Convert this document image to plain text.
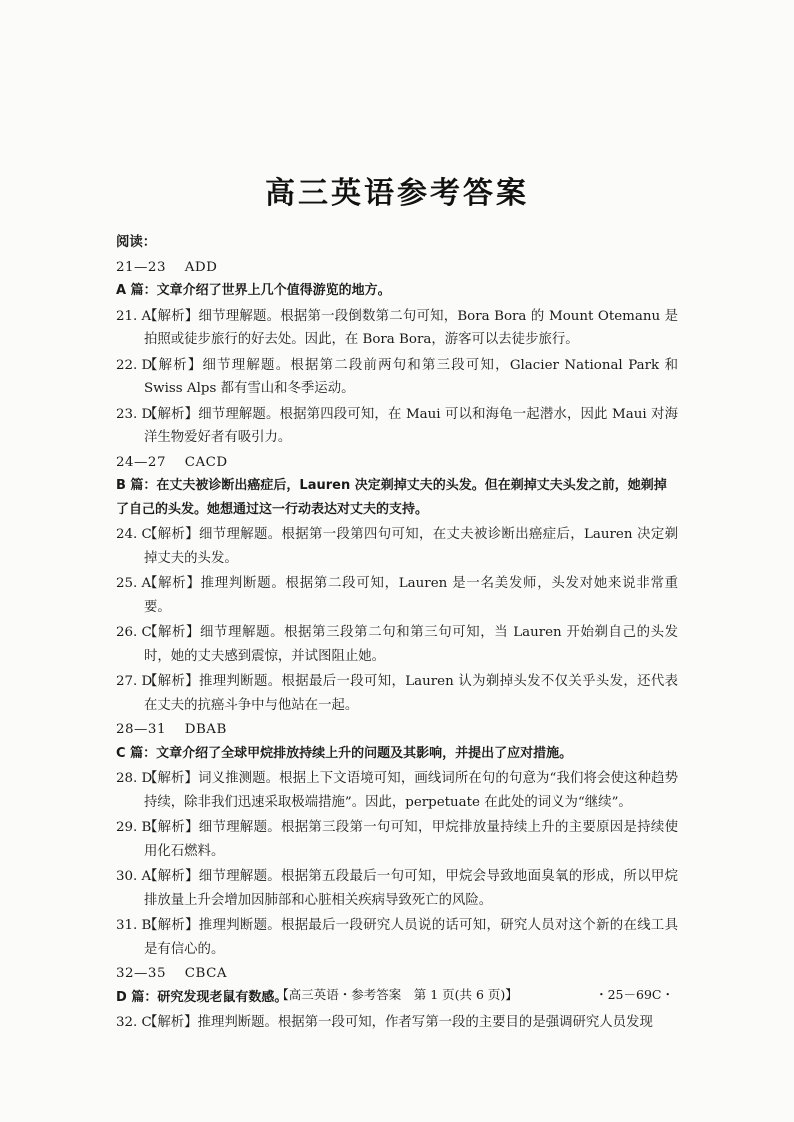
高三英语参考答案
阅读：
21—23 ADD
A 篇：文章介绍了世界上几个值得游览的地方。
21. A
【解析】细节理解题。根据第一段倒数第二句可知，Bora Bora 的 Mount Otemanu 是拍照或徒步旅行的好去处。因此，在 Bora Bora，游客可以去徒步旅行。
22. D
【解析】细节理解题。根据第二段前两句和第三段可知，Glacier National Park 和 Swiss Alps 都有雪山和冬季运动。
23. D
【解析】细节理解题。根据第四段可知，在 Maui 可以和海龟一起潜水，因此 Maui 对海洋生物爱好者有吸引力。
24—27 CACD
B 篇：在丈夫被诊断出癌症后，Lauren 决定剃掉丈夫的头发。但在剃掉丈夫头发之前，她剃掉了自己的头发。她想通过这一行动表达对丈夫的支持。
24. C
【解析】细节理解题。根据第一段第四句可知，在丈夫被诊断出癌症后，Lauren 决定剃掉丈夫的头发。
25. A
【解析】推理判断题。根据第二段可知，Lauren 是一名美发师，头发对她来说非常重要。
26. C
【解析】细节理解题。根据第三段第二句和第三句可知，当 Lauren 开始剃自己的头发时，她的丈夫感到震惊，并试图阻止她。
27. D
【解析】推理判断题。根据最后一段可知，Lauren 认为剃掉头发不仅关乎头发，还代表在丈夫的抗癌斗争中与他站在一起。
28—31 DBAB
C 篇：文章介绍了全球甲烷排放持续上升的问题及其影响，并提出了应对措施。
28. D
【解析】词义推测题。根据上下文语境可知，画线词所在句的句意为“我们将会使这种趋势持续，除非我们迅速采取极端措施”。因此，perpetuate 在此处的词义为“继续”。
29. B
【解析】细节理解题。根据第三段第一句可知，甲烷排放量持续上升的主要原因是持续使用化石燃料。
30. A
【解析】细节理解题。根据第五段最后一句可知，甲烷会导致地面臭氧的形成，所以甲烷排放量上升会增加因肺部和心脏相关疾病导致死亡的风险。
31. B
【解析】推理判断题。根据最后一段研究人员说的话可知，研究人员对这个新的在线工具是有信心的。
32—35 CBCA
D 篇：研究发现老鼠有数感。
32. C
【解析】推理判断题。根据第一段可知，作者写第一段的主要目的是强调研究人员发现
【高三英语・参考答案　第 1 页(共 6 页)】	・25－69C・
